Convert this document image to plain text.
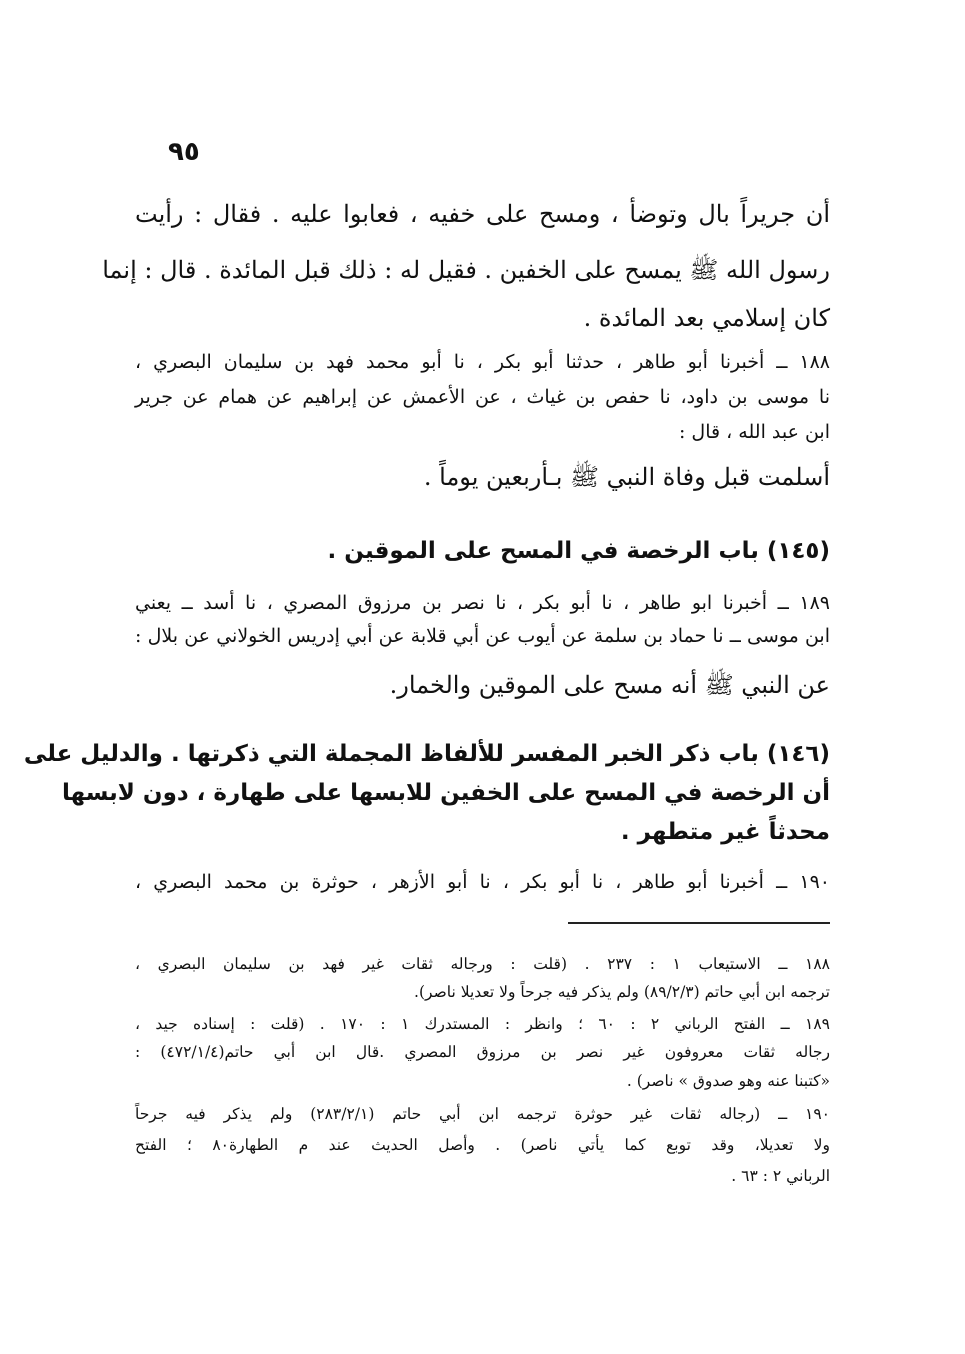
٩٥
أن جريراً بال وتوضأ ، ومسح على خفيه ، فعابوا عليه . فقال : رأيت
رسول الله ﷺ يمسح على الخفين . فقيل له : ذلك قبل المائدة . قال : إنما
كان إسلامي بعد المائدة .
١٨٨ ــ أخبرنا أبو طاهر ، حدثنا أبو بكر ، نا أبو محمد فهد بن سليمان البصري ،
نا موسى بن داود، نا حفص بن غياث ، عن الأعمش عن إبراهيم عن همام عن جرير
ابن عبد الله ، قال :
أسلمت قبل وفاة النبي ﷺ بـأربعين يوماً .
(١٤٥) باب الرخصة في المسح على الموقين .
١٨٩ ــ أخبرنا ابو طاهر ، نا أبو بكر ، نا نصر بن مرزوق المصري ، نا أسد ــ يعني
ابن موسى ــ نا حماد بن سلمة عن أيوب عن أبي قلابة عن أبي إدريس الخولاني عن بلال :
عن النبي ﷺ أنه مسح على الموقين والخمار.
(١٤٦) باب ذكر الخبر المفسر للألفاظ المجملة التي ذكرتها . والدليل على
أن الرخصة في المسح على الخفين للابسها على طهارة ، دون لابسها
محدثاً غير متطهر .
١٩٠ ــ أخبرنا أبو طاهر ، نا أبو بكر ، نا أبو الأزهر ، حوثرة بن محمد البصري ،
١٨٨ ــ الاستيعاب ١ : ٢٣٧ . (قلت : ورجاله ثقات غير فهد بن سليمان البصري ،
ترجمه ابن أبي حاتم (٨٩/٢/٣) ولم يذكر فيه جرحاً ولا تعديلا ناصر).
١٨٩ ــ الفتح الرباني ٢ : ٦٠ ؛ وانظر : المستدرك ١ : ١٧٠ . (قلت : إسناده جيد ،
رجاله ثقات معروفون غير نصر بن مرزوق المصري .قال ابن أبي حاتم(٤٧٢/١/٤) :
«كتبنا عنه وهو صدوق » ناصر) .
١٩٠ ــ (رجاله ثقات غير حوثرة ترجمه ابن أبي حاتم (٢٨٣/٢/١) ولم يذكر فيه جرحاً
ولا تعديلا، وقد توبع كما يأتي ناصر) . وأصل الحديث عند م الطهارة٨٠ ؛ الفتح
الرباني ٢ : ٦٣ .
